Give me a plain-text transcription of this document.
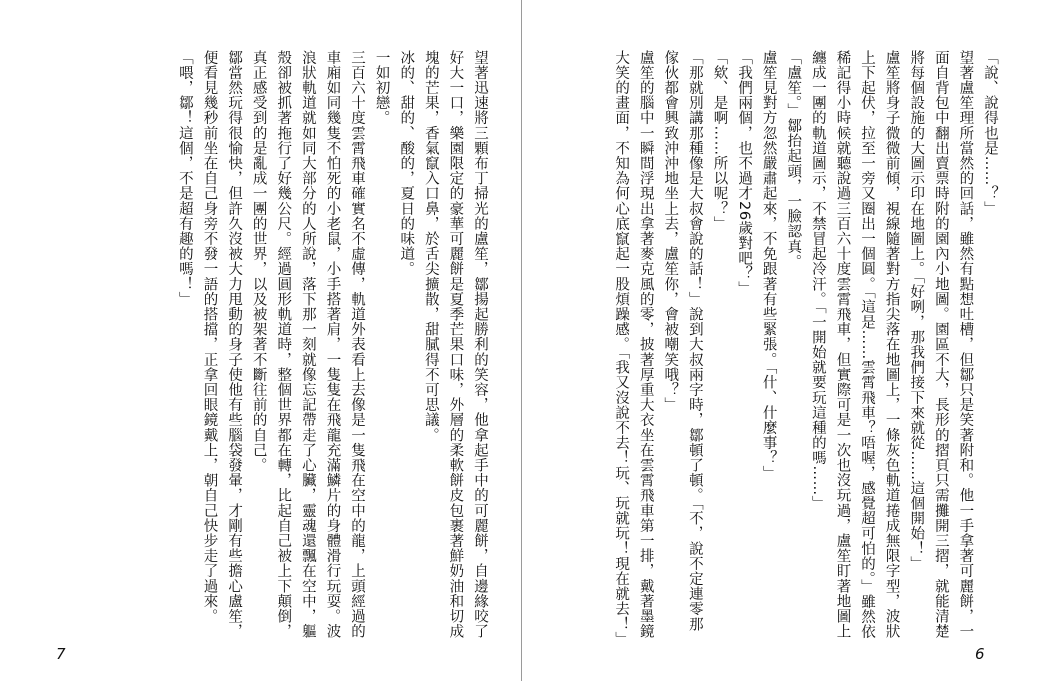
望著迅速將三顆布丁掃光的盧笙，鄒揚起勝利的笑容，他拿起手中的可麗餅，自邊緣咬了好大一口，樂園限定的豪華可麗餅是夏季芒果口味，外層的柔軟餅皮包裹著鮮奶油和切成塊的芒果，香氣竄入口鼻，於舌尖擴散，甜膩得不可思議。

冰的、甜的、酸的，夏日的味道。

一如初戀。

三百六十度雲霄飛車確實名不虛傳，軌道外表看上去像是一隻飛在空中的龍，上頭經過的車廂如同幾隻不怕死的小老鼠，小手搭著肩，一隻隻在飛龍充滿鱗片的身體滑行玩耍。波浪狀軌道就如同大部分的人所說，落下那一刻就像忘記帶走了心臟，靈魂還飄在空中，軀殼卻被抓著拖行了好幾公尺。經過圓形軌道時，整個世界都在轉，比起自己被上下顛倒，真正感受到的是亂成一團的世界，以及被架著不斷往前的自己。

鄒當然玩得很愉快，但許久沒被大力甩動的身子使他有些腦袋發暈，才剛有些擔心盧笙，便看見幾秒前坐在自己身旁不發一語的搭擋，正拿回眼鏡戴上，朝自己快步走了過來。

「喂，鄒！這個，不是超有趣的嗎！」

7

「說、說得也是……？」

望著盧笙理所當然的回話，雖然有點想吐槽，但鄒只是笑著附和。他一手拿著可麗餅，一面自背包中翻出賣票時附的園內小地圖。園區不大，長形的摺頁只需攤開三摺，就能清楚將每個設施的大圖示印在地圖上。「好咧，那我們接下來就從……這個開始！」

盧笙將身子微微前傾，視線隨著對方指尖落在地圖上，一條灰色軌道捲成無限字型，波狀上下起伏，拉至一旁又圈出一個圓。「這是……雲霄飛車？唔喔，感覺超可怕的。」雖然依稀記得小時候就聽說過三百六十度雲霄飛車，但實際可是一次也沒玩過，盧笙盯著地圖上纏成一團的軌道圖示，不禁冒起冷汗。「一開始就要玩這種的嗎……」

「盧笙。」鄒抬起頭，一臉認真。

盧笙見對方忽然嚴肅起來，不免跟著有些緊張。「什、什麼事？」

「我們兩個，也不過才26歲對吧？」

「欸、是啊……所以呢？」

「那就別講那種像是大叔會說的話！」說到大叔兩字時，鄒頓了頓。「不，說不定連零那傢伙都會興致沖沖地坐上去，盧笙你，會被嘲笑哦？」

盧笙的腦中一瞬間浮現出拿著麥克風的零，披著厚重大衣坐在雲霄飛車第一排，戴著墨鏡大笑的畫面，不知為何心底竄起一股煩躁感。「我又沒說不去！玩、玩就玩！現在就去！」

6
